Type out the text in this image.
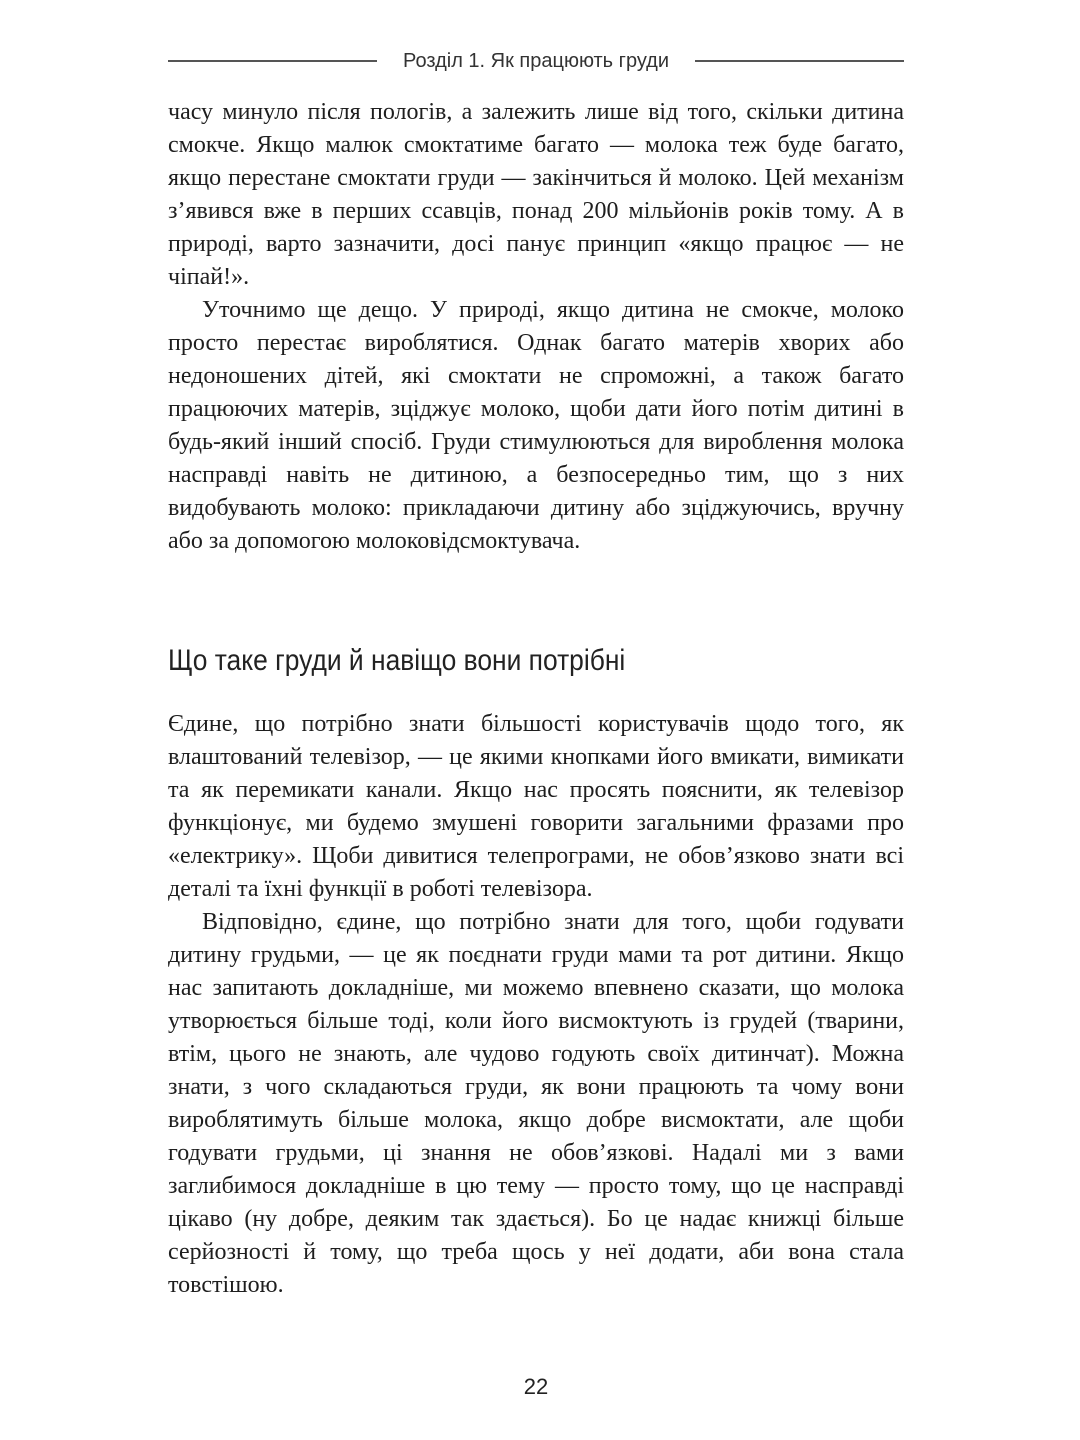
Розділ 1. Як працюють груди

часу минуло після пологів, а залежить лише від того, скільки дитина смокче. Якщо малюк смоктатиме багато — молока теж буде багато, якщо перестане смоктати груди — закінчиться й молоко. Цей механізм з’явився вже в перших ссавців, понад 200 мільйонів років тому. А в природі, варто зазначити, досі панує принцип «якщо працює — не чіпай!».

Уточнимо ще дещо. У природі, якщо дитина не смокче, молоко просто перестає вироблятися. Однак багато матерів хворих або недоношених дітей, які смоктати не спроможні, а також багато працюючих матерів, зціджує молоко, щоби дати його потім дитині в будь-який інший спосіб. Груди стимулюються для вироблення молока насправді навіть не дитиною, а безпосередньо тим, що з них видобувають молоко: прикладаючи дитину або зціджуючись, вручну або за допомогою молоковідсмоктувача.

Що таке груди й навіщо вони потрібні

Єдине, що потрібно знати більшості користувачів щодо того, як влаштований телевізор, — це якими кнопками його вмикати, вимикати та як перемикати канали. Якщо нас просять пояснити, як телевізор функціонує, ми будемо змушені говорити загальними фразами про «електрику». Щоби дивитися телепрограми, не обов’язково знати всі деталі та їхні функції в роботі телевізора.

Відповідно, єдине, що потрібно знати для того, щоби годувати дитину грудьми, — це як поєднати груди мами та рот дитини. Якщо нас запитають докладніше, ми можемо впевнено сказати, що молока утворюється більше тоді, коли його висмоктують із грудей (тварини, втім, цього не знають, але чудово годують своїх дитинчат). Можна знати, з чого складаються груди, як вони працюють та чому вони вироблятимуть більше молока, якщо добре висмоктати, але щоби годувати грудьми, ці знання не обов’язкові. Надалі ми з вами заглибимося докладніше в цю тему — просто тому, що це насправді цікаво (ну добре, деяким так здається). Бо це надає книжці більше серйозності й тому, що треба щось у неї додати, аби вона стала товстішою.

22
